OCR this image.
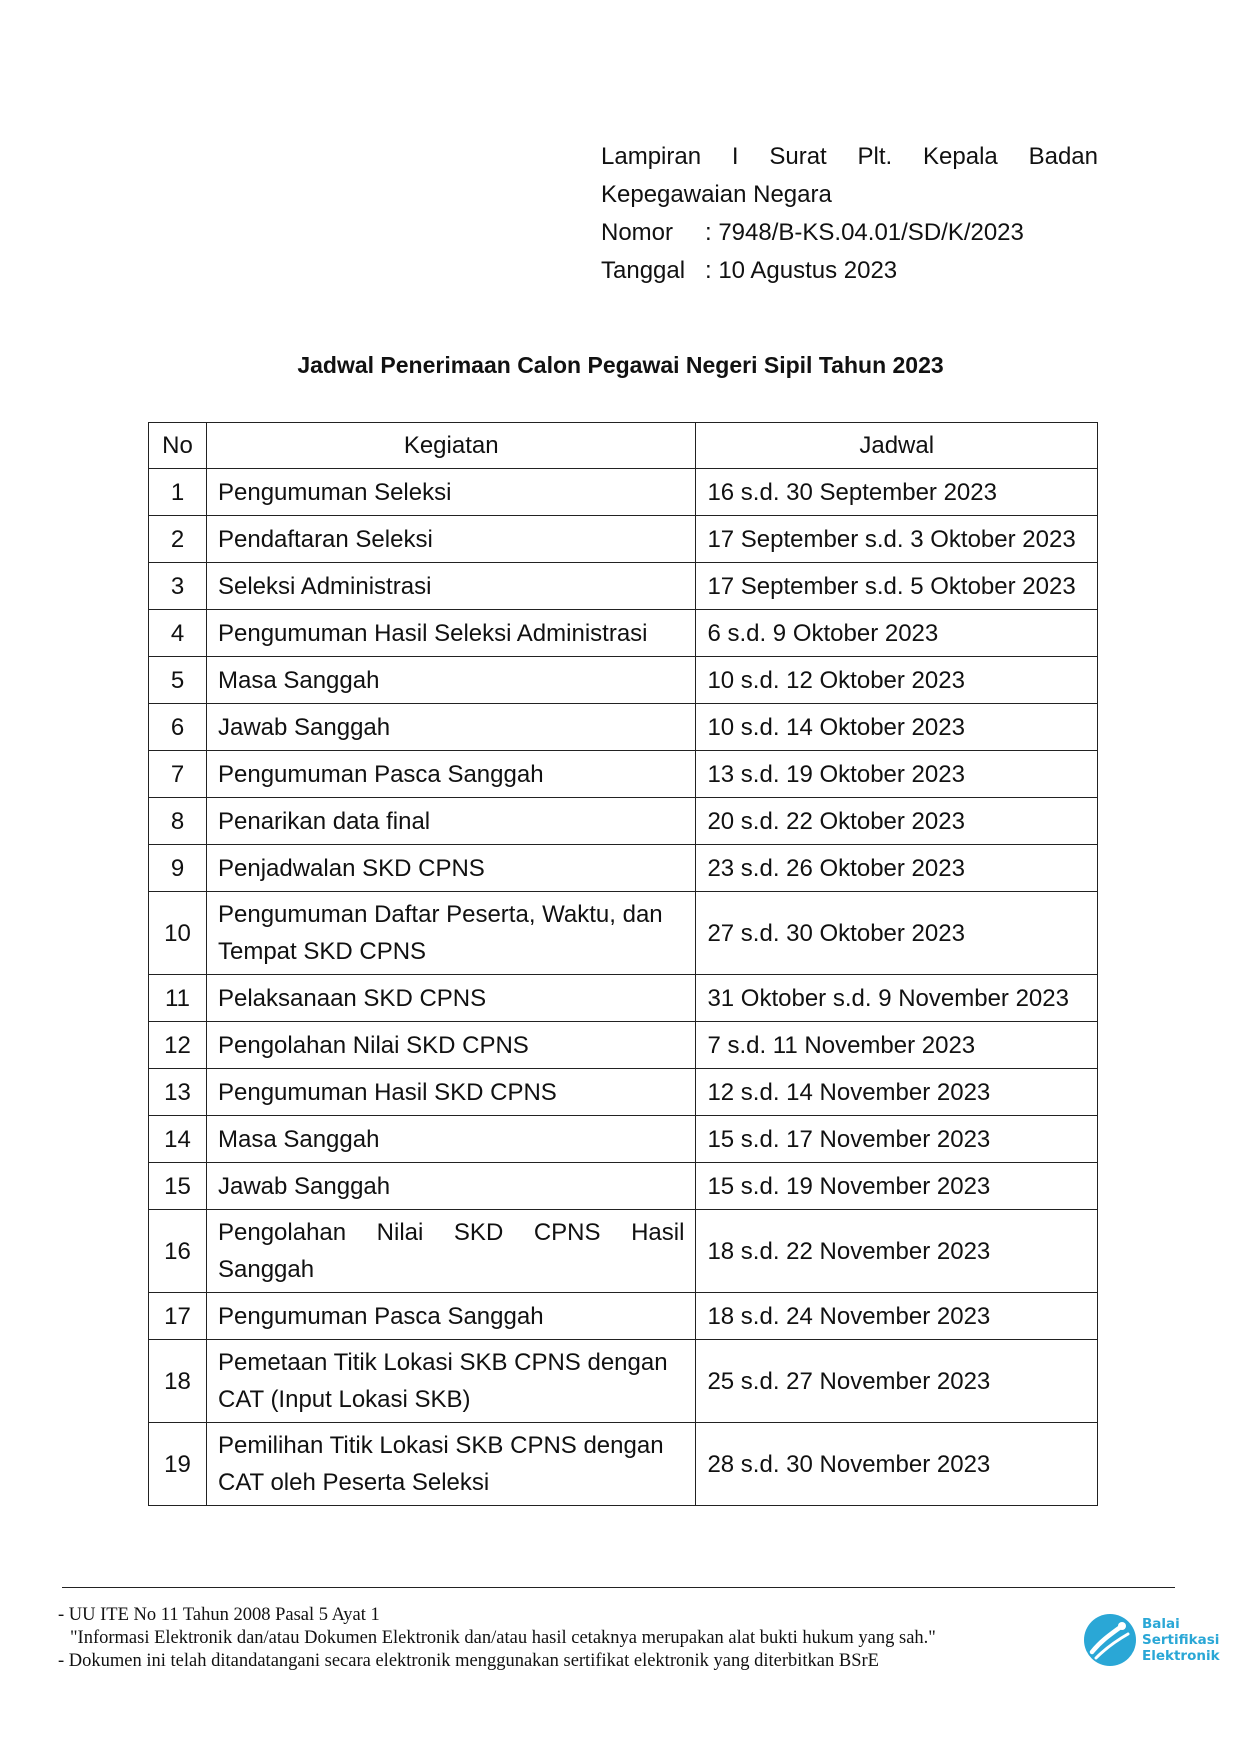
Lampiran I Surat Plt. Kepala Badan
Kepegawaian Negara
Nomor	: 7948/B-KS.04.01/SD/K/2023
Tanggal : 10 Agustus 2023
Jadwal Penerimaan Calon Pegawai Negeri Sipil Tahun 2023
No	Kegiatan	Jadwal
1	Pengumuman Seleksi	16 s.d. 30 September 2023
2	Pendaftaran Seleksi	17 September s.d. 3 Oktober 2023
3	Seleksi Administrasi	17 September s.d. 5 Oktober 2023
4	Pengumuman Hasil Seleksi Administrasi	6 s.d. 9 Oktober 2023
5	Masa Sanggah	10 s.d. 12 Oktober 2023
6	Jawab Sanggah	10 s.d. 14 Oktober 2023
7	Pengumuman Pasca Sanggah	13 s.d. 19 Oktober 2023
8	Penarikan data final	20 s.d. 22 Oktober 2023
9	Penjadwalan SKD CPNS	23 s.d. 26 Oktober 2023
10	Pengumuman Daftar Peserta, Waktu, dan Tempat SKD CPNS	27 s.d. 30 Oktober 2023
11	Pelaksanaan SKD CPNS	31 Oktober s.d. 9 November 2023
12	Pengolahan Nilai SKD CPNS	7 s.d. 11 November 2023
13	Pengumuman Hasil SKD CPNS	12 s.d. 14 November 2023
14	Masa Sanggah	15 s.d. 17 November 2023
15	Jawab Sanggah	15 s.d. 19 November 2023
16	Pengolahan Nilai SKD CPNS Hasil Sanggah	18 s.d. 22 November 2023
17	Pengumuman Pasca Sanggah	18 s.d. 24 November 2023
18	Pemetaan Titik Lokasi SKB CPNS dengan CAT (Input Lokasi SKB)	25 s.d. 27 November 2023
19	Pemilihan Titik Lokasi SKB CPNS dengan CAT oleh Peserta Seleksi	28 s.d. 30 November 2023
- UU ITE No 11 Tahun 2008 Pasal 5 Ayat 1
"Informasi Elektronik dan/atau Dokumen Elektronik dan/atau hasil cetaknya merupakan alat bukti hukum yang sah."
- Dokumen ini telah ditandatangani secara elektronik menggunakan sertifikat elektronik yang diterbitkan BSrE
Balai
Sertifikasi
Elektronik
